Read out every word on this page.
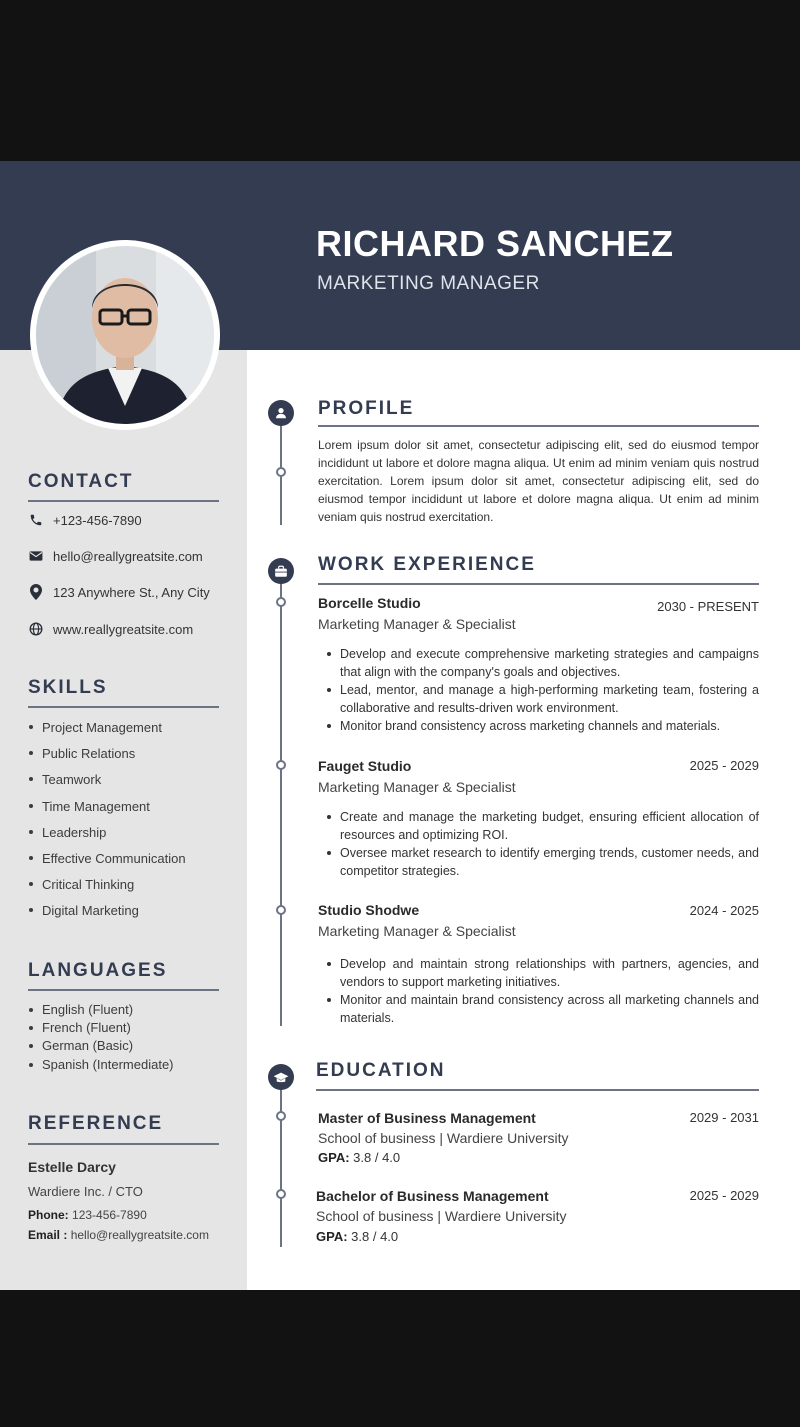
RICHARD SANCHEZ
MARKETING MANAGER
CONTACT
+123-456-7890
hello@reallygreatsite.com
123 Anywhere St., Any City
www.reallygreatsite.com
SKILLS
Project Management
Public Relations
Teamwork
Time Management
Leadership
Effective Communication
Critical Thinking
Digital Marketing
LANGUAGES
English (Fluent)
French (Fluent)
German (Basic)
Spanish (Intermediate)
REFERENCE
Estelle Darcy
Wardiere Inc. / CTO
Phone: 123-456-7890
Email : hello@reallygreatsite.com
PROFILE
Lorem ipsum dolor sit amet, consectetur adipiscing elit, sed do eiusmod tempor incididunt ut labore et dolore magna aliqua. Ut enim ad minim veniam quis nostrud exercitation. Lorem ipsum dolor sit amet, consectetur adipiscing elit, sed do eiusmod tempor incididunt ut labore et dolore magna aliqua. Ut enim ad minim veniam quis nostrud exercitation.
WORK EXPERIENCE
Borcelle Studio	2030 - PRESENT
Marketing Manager & Specialist
Develop and execute comprehensive marketing strategies and campaigns that align with the company's goals and objectives.
Lead, mentor, and manage a high-performing marketing team, fostering a collaborative and results-driven work environment.
Monitor brand consistency across marketing channels and materials.
Fauget Studio	2025 - 2029
Marketing Manager & Specialist
Create and manage the marketing budget, ensuring efficient allocation of resources and optimizing ROI.
Oversee market research to identify emerging trends, customer needs, and competitor strategies.
Studio Shodwe	2024 - 2025
Marketing Manager & Specialist
Develop and maintain strong relationships with partners, agencies, and vendors to support marketing initiatives.
Monitor and maintain brand consistency across all marketing channels and materials.
EDUCATION
Master of Business Management	2029 - 2031
School of business | Wardiere University
GPA: 3.8 / 4.0
Bachelor of Business Management	2025 - 2029
School of business | Wardiere University
GPA: 3.8 / 4.0
